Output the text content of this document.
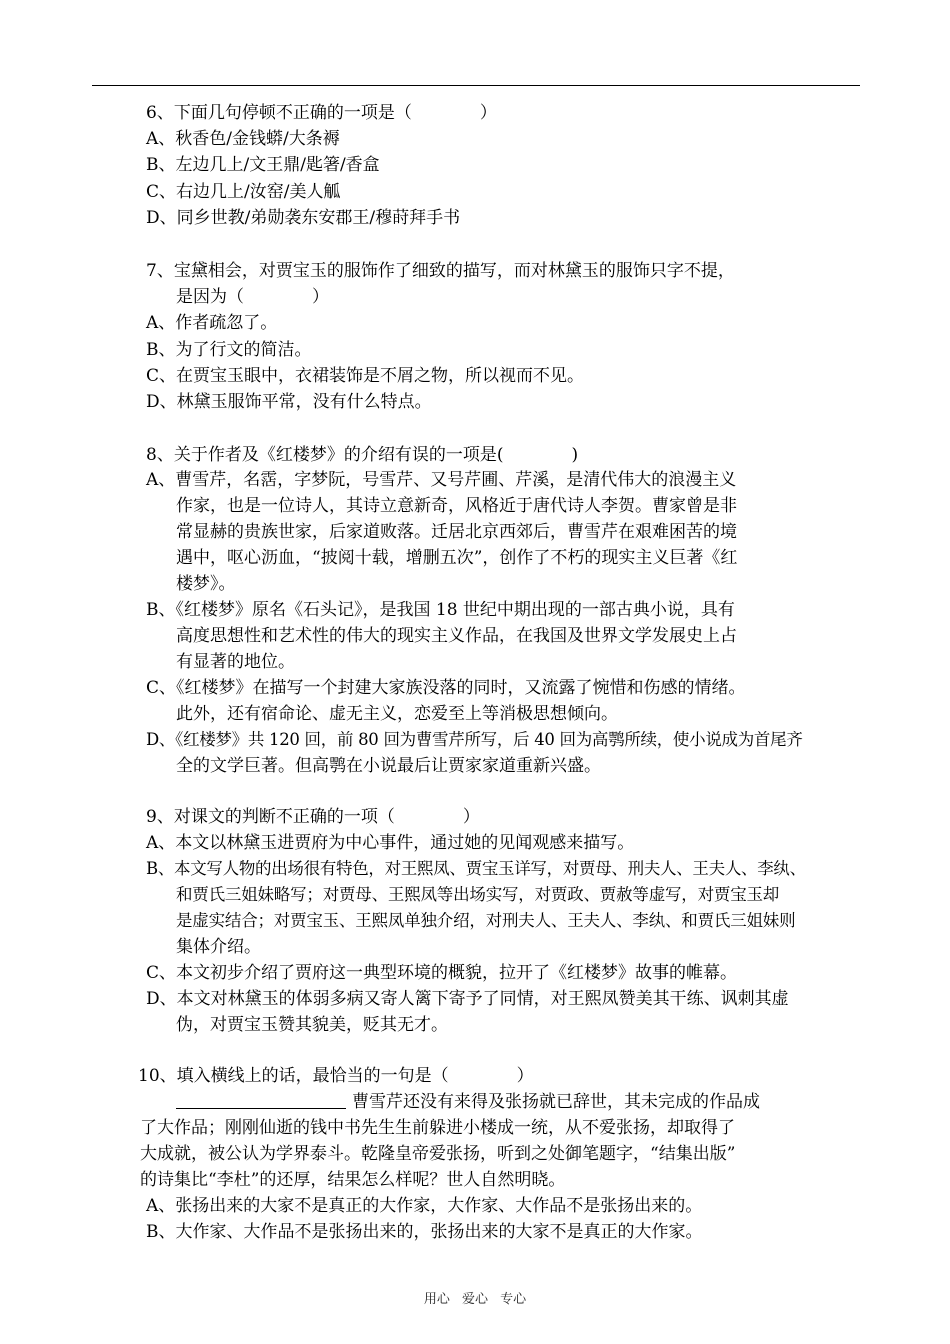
6、下面几句停顿不正确的一项是（　　　　）
A、秋香色/金钱蟒/大条褥
B、左边几上/文王鼎/匙箸/香盒
C、右边几上/汝窑/美人觚
D、同乡世教/弟勋袭东安郡王/穆莳拜手书
7、宝黛相会，对贾宝玉的服饰作了细致的描写，而对林黛玉的服饰只字不提，
是因为（　　　　）
A、作者疏忽了。
B、为了行文的简洁。
C、在贾宝玉眼中，衣裙装饰是不屑之物，所以视而不见。
D、林黛玉服饰平常，没有什么特点。
8、关于作者及《红楼梦》的介绍有误的一项是(　　　　)
A、曹雪芹，名霑，字梦阮，号雪芹、又号芹圃、芹溪，是清代伟大的浪漫主义
作家，也是一位诗人，其诗立意新奇，风格近于唐代诗人李贺。曹家曾是非
常显赫的贵族世家，后家道败落。迁居北京西郊后，曹雪芹在艰难困苦的境
遇中，呕心沥血，“披阅十载，增删五次”，创作了不朽的现实主义巨著《红
楼梦》。
B、《红楼梦》原名《石头记》，是我国 18 世纪中期出现的一部古典小说，具有
高度思想性和艺术性的伟大的现实主义作品，在我国及世界文学发展史上占
有显著的地位。
C、《红楼梦》在描写一个封建大家族没落的同时，又流露了惋惜和伤感的情绪。
此外，还有宿命论、虚无主义，恋爱至上等消极思想倾向。
D、《红楼梦》共 120 回，前 80 回为曹雪芹所写，后 40 回为高鹗所续，使小说成为首尾齐
全的文学巨著。但高鹗在小说最后让贾家家道重新兴盛。
9、对课文的判断不正确的一项（　　　　）
A、本文以林黛玉进贾府为中心事件，通过她的见闻观感来描写。
B、本文写人物的出场很有特色，对王熙凤、贾宝玉详写，对贾母、刑夫人、王夫人、李纨、
和贾氏三姐妹略写；对贾母、王熙凤等出场实写，对贾政、贾赦等虚写，对贾宝玉却
是虚实结合；对贾宝玉、王熙凤单独介绍，对刑夫人、王夫人、李纨、和贾氏三姐妹则
集体介绍。
C、本文初步介绍了贾府这一典型环境的概貌，拉开了《红楼梦》故事的帷幕。
D、本文对林黛玉的体弱多病又寄人篱下寄予了同情，对王熙凤赞美其干练、讽刺其虚
伪，对贾宝玉赞其貌美，贬其无才。
10、填入横线上的话，最恰当的一句是（　　　　）
曹雪芹还没有来得及张扬就已辞世，其未完成的作品成
了大作品；刚刚仙逝的钱中书先生生前躲进小楼成一统，从不爱张扬，却取得了
大成就，被公认为学界泰斗。乾隆皇帝爱张扬，听到之处御笔题字，“结集出版”
的诗集比“李杜”的还厚，结果怎么样呢？世人自然明晓。
A、张扬出来的大家不是真正的大作家，大作家、大作品不是张扬出来的。
B、大作家、大作品不是张扬出来的，张扬出来的大家不是真正的大作家。
用心 爱心 专心
